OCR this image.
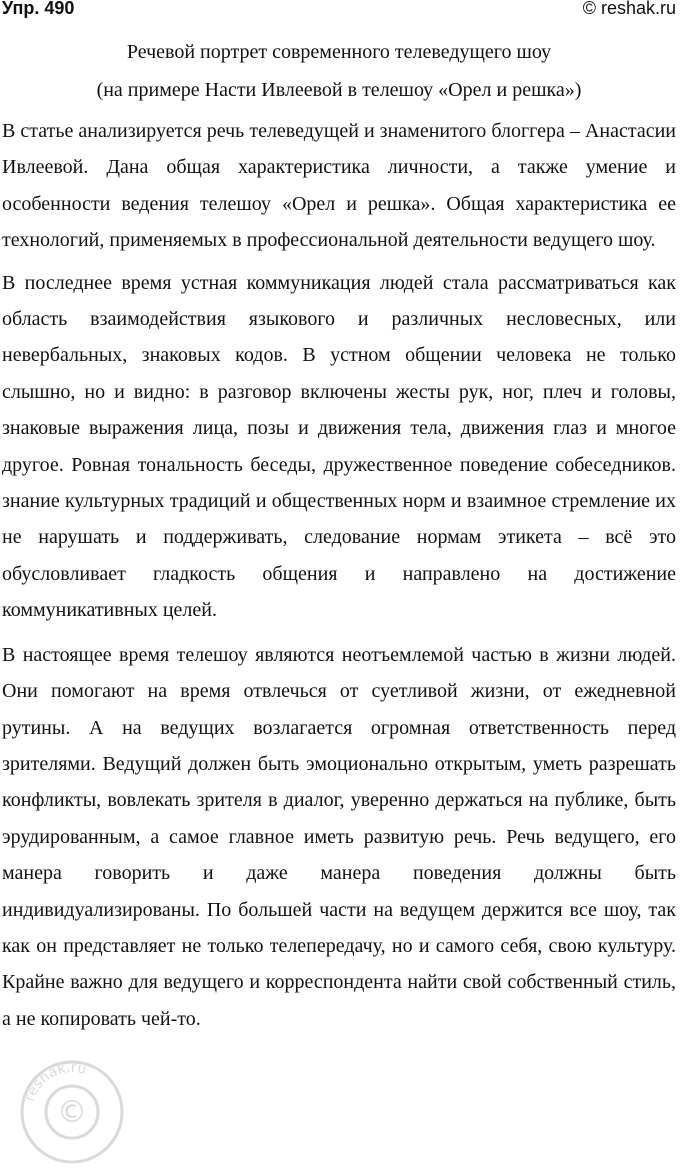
Упр. 490	© reshak.ru

Речевой портрет современного телеведущего шоу

(на примере Насти Ивлеевой в телешоу «Орел и решка»)

В статье анализируется речь телеведущей и знаменитого блоггера – Анастасии Ивлеевой. Дана общая характеристика личности, а также умение и особенности ведения телешоу «Орел и решка». Общая характеристика ее технологий, применяемых в профессиональной деятельности ведущего шоу.

В последнее время устная коммуникация людей стала рассматриваться как область взаимодействия языкового и различных несловесных, или невербальных, знаковых кодов. В устном общении человека не только слышно, но и видно: в разговор включены жесты рук, ног, плеч и головы, знаковые выражения лица, позы и движения тела, движения глаз и многое другое. Ровная тональность беседы, дружественное поведение собеседников. знание культурных традиций и общественных норм и взаимное стремление их не нарушать и поддерживать, следование нормам этикета – всё это обусловливает гладкость общения и направлено на достижение коммуникативных целей.

В настоящее время телешоу являются неотъемлемой частью в жизни людей. Они помогают на время отвлечься от суетливой жизни, от ежедневной рутины. А на ведущих возлагается огромная ответственность перед зрителями. Ведущий должен быть эмоционально открытым, уметь разрешать конфликты, вовлекать зрителя в диалог, уверенно держаться на публике, быть эрудированным, а самое главное иметь развитую речь. Речь ведущего, его манера говорить и даже манера поведения должны быть индивидуализированы. По большей части на ведущем держится все шоу, так как он представляет не только телепередачу, но и самого себя, свою культуру. Крайне важно для ведущего и корреспондента найти свой собственный стиль, а не копировать чей-то.

©
reshak.ru
